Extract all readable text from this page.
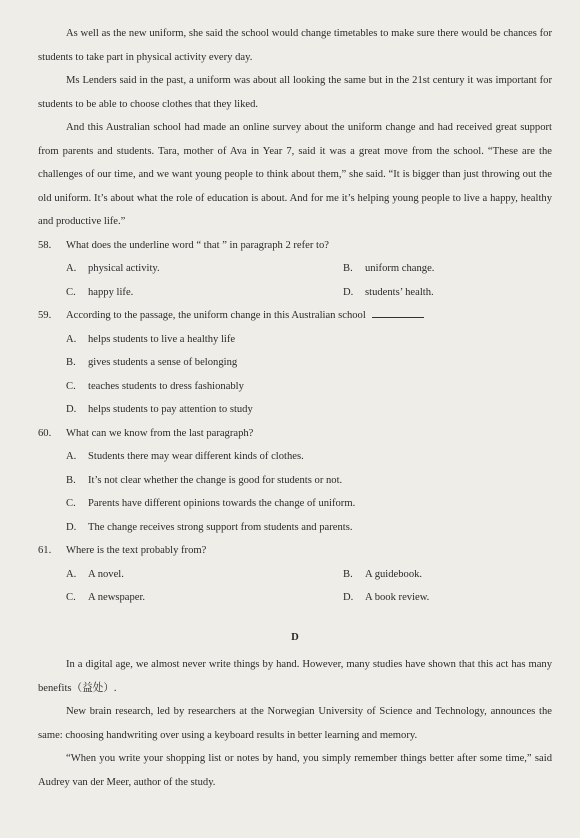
As well as the new uniform, she said the school would change timetables to make sure there would be chances for students to take part in physical activity every day.

Ms Lenders said in the past, a uniform was about all looking the same but in the 21st century it was important for students to be able to choose clothes that they liked.

And this Australian school had made an online survey about the uniform change and had received great support from parents and students. Tara, mother of Ava in Year 7, said it was a great move from the school. “These are the challenges of our time, and we want young people to think about them,” she said. “It is bigger than just throwing out the old uniform. It’s about what the role of education is about. And for me it’s helping young people to live a happy, healthy and productive life.”

58. What does the underline word “ that ” in paragraph 2 refer to?
A. physical activity.	B. uniform change.
C. happy life.	D. students’ health.
59. According to the passage, the uniform change in this Australian school
A. helps students to live a healthy life
B. gives students a sense of belonging
C. teaches students to dress fashionably
D. helps students to pay attention to study
60. What can we know from the last paragraph?
A. Students there may wear different kinds of clothes.
B. It’s not clear whether the change is good for students or not.
C. Parents have different opinions towards the change of uniform.
D. The change receives strong support from students and parents.
61. Where is the text probably from?
A. A novel.	B. A guidebook.
C. A newspaper.	D. A book review.
D

In a digital age, we almost never write things by hand. However, many studies have shown that this act has many benefits（益处）.

New brain research, led by researchers at the Norwegian University of Science and Technology, announces the same: choosing handwriting over using a keyboard results in better learning and memory.

“When you write your shopping list or notes by hand, you simply remember things better after some time,” said Audrey van der Meer, author of the study.
